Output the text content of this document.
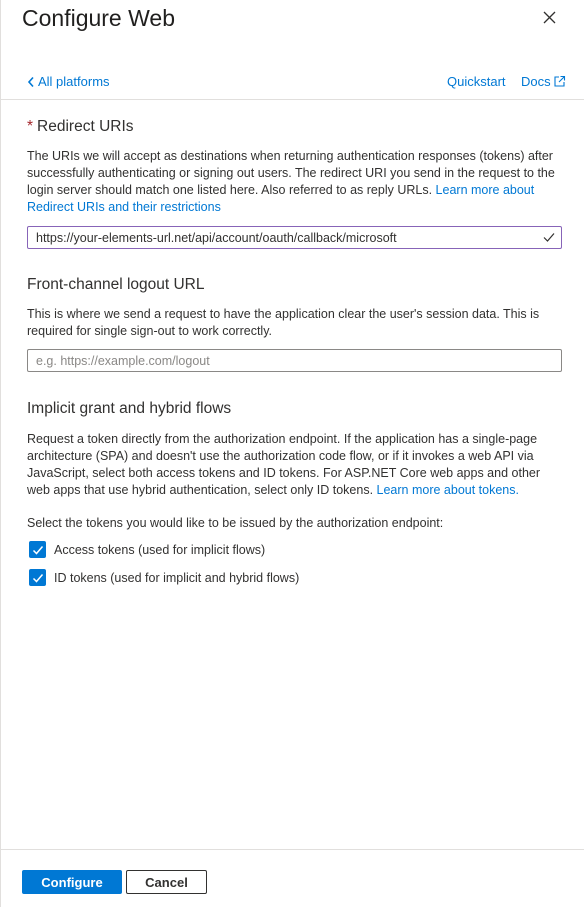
Configure Web
All platforms	Quickstart Docs
* Redirect URIs
The URIs we will accept as destinations when returning authentication responses (tokens) after successfully authenticating or signing out users. The redirect URI you send in the request to the login server should match one listed here. Also referred to as reply URLs. Learn more about Redirect URIs and their restrictions
https://your-elements-url.net/api/account/oauth/callback/microsoft
Front-channel logout URL
This is where we send a request to have the application clear the user's session data. This is required for single sign-out to work correctly.
e.g. https://example.com/logout
Implicit grant and hybrid flows
Request a token directly from the authorization endpoint. If the application has a single-page architecture (SPA) and doesn't use the authorization code flow, or if it invokes a web API via JavaScript, select both access tokens and ID tokens. For ASP.NET Core web apps and other web apps that use hybrid authentication, select only ID tokens. Learn more about tokens.
Select the tokens you would like to be issued by the authorization endpoint:
Access tokens (used for implicit flows)
ID tokens (used for implicit and hybrid flows)
Configure	Cancel
